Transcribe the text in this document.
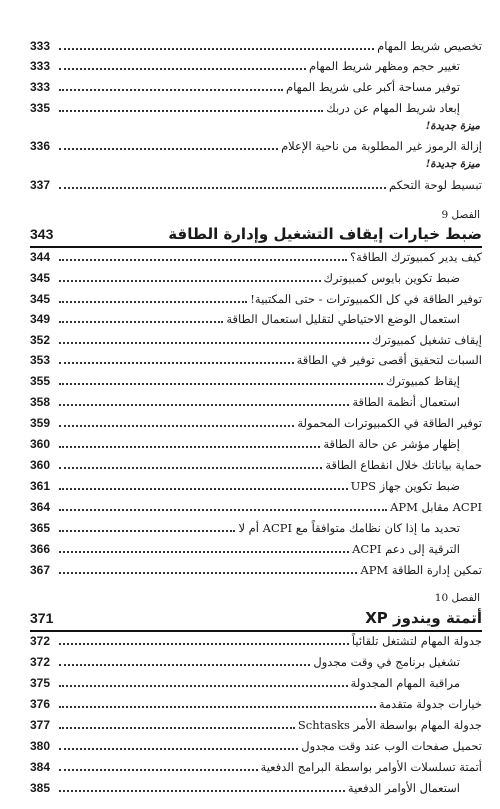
333	تخصيص شريط المهام
333	تغيير حجم ومظهر شريط المهام
333	توفير مساحة أكبر على شريط المهام
335	إبعاد شريط المهام عن دربك
ميزة جديدة!
336	إزالة الرموز غير المطلوبة من ناحية الإعلام
ميزة جديدة!
337	تبسيط لوحة التحكم
الفصل 9
343	ضبط خيارات إيقاف التشغيل وإدارة الطاقة
344	كيف يدير كمبيوترك الطاقة؟
345	ضبط تكوين بايوس كمبيوترك
345	توفير الطاقة في كل الكمبيوترات - حتى المكتبية!
349	استعمال الوضع الاحتياطي لتقليل استعمال الطاقة
352	إيقاف تشغيل كمبيوترك
353	السبات لتحقيق أقصى توفير في الطاقة
355	إيقاظ كمبيوترك
358	استعمال أنظمة الطاقة
359	توفير الطاقة في الكمبيوترات المحمولة
360	إظهار مؤشر عن حالة الطاقة
360	حماية بياناتك خلال انقطاع الطاقة
361	ضبط تكوين جهاز UPS
364	ACPI مقابل APM
365	تحديد ما إذا كان نظامك متوافقاً مع ACPI أم لا
366	الترقية إلى دعم ACPI
367	تمكين إدارة الطاقة APM
الفصل 10
371	أتمتة ويندوز XP
372	جدولة المهام لتشتغل تلقائياً
372	تشغيل برنامج في وقت مجدول
375	مراقبة المهام المجدولة
376	خيارات جدولة متقدمة
377	جدولة المهام بواسطة الأمر Schtasks
380	تحميل صفحات الوب عند وقت مجدول
384	أتمتة تسلسلات الأوامر بواسطة البرامج الدفعية
385	استعمال الأوامر الدفعية
